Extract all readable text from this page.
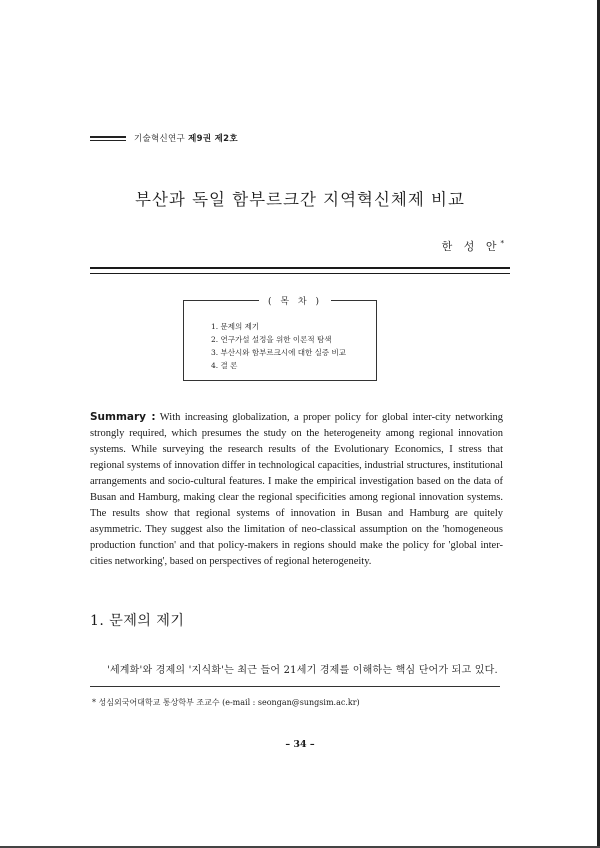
기술혁신연구 제9권 제2호
부산과 독일 함부르크간 지역혁신체제 비교
한 성 안*
( 목 차 )
1. 문제의 제기
2. 연구가설 설정을 위한 이론적 탐색
3. 부산시와 함부르크시에 대한 실증 비교
4. 결 론
Summary : With increasing globalization, a proper policy for global inter-city networking strongly required, which presumes the study on the heterogeneity among regional innovation systems. While surveying the research results of the Evolutionary Economics, I stress that regional systems of innovation differ in technological capacities, industrial structures, institutional arrangements and socio-cultural features. I make the empirical investigation based on the data of Busan and Hamburg, making clear the regional specificities among regional innovation systems. The results show that regional systems of innovation in Busan and Hamburg are quitely asymmetric. They suggest also the limitation of neo-classical assumption on the 'homogeneous production function' and that policy-makers in regions should make the policy for 'global inter-cities networking', based on perspectives of regional heterogeneity.
1. 문제의 제기
'세계화'와 경제의 '지식화'는 최근 들어 21세기 경제를 이해하는 핵심 단어가 되고 있다.
* 성심외국어대학교 통상학부 조교수 (e-mail : seongan@sungsim.ac.kr)
– 34 –
